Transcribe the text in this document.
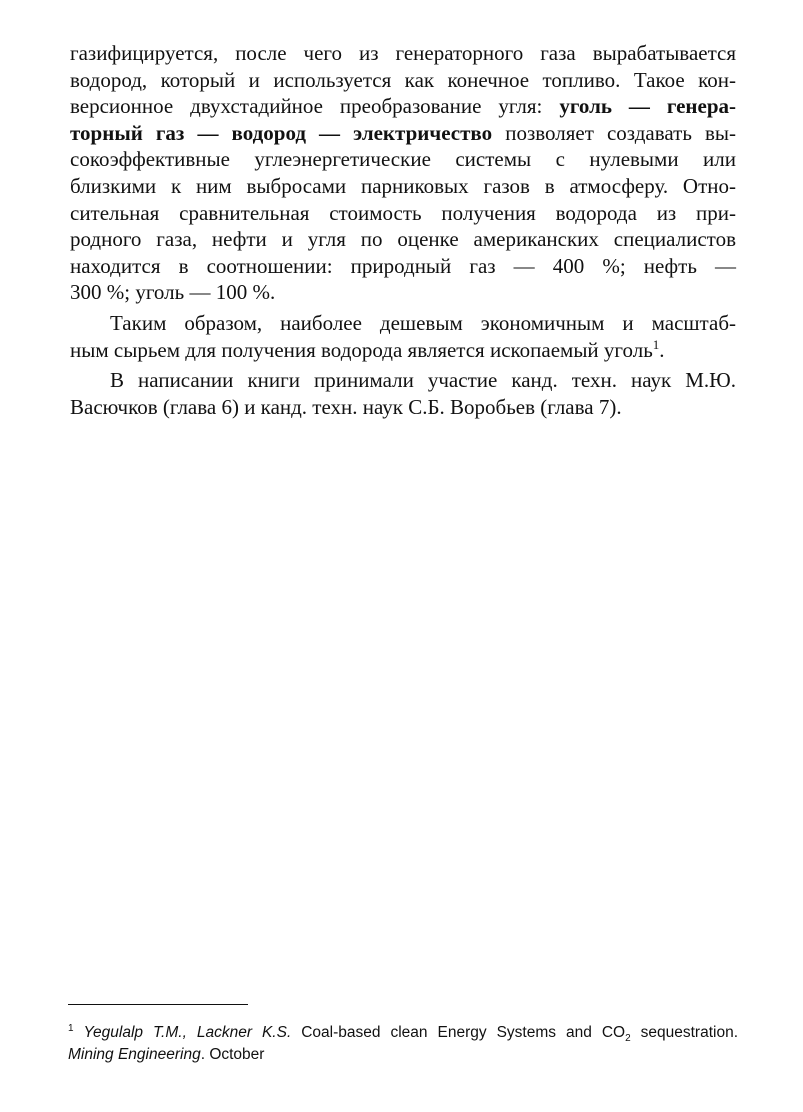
газифицируется, после чего из генераторного газа вырабатывается
водород, который и используется как конечное топливо. Такое кон-
версионное двухстадийное преобразование угля: уголь — генера-
торный газ — водород — электричество позволяет создавать вы-
сокоэффективные углеэнергетические системы с нулевыми или
близкими к ним выбросами парниковых газов в атмосферу. Отно-
сительная сравнительная стоимость получения водорода из при-
родного газа, нефти и угля по оценке американских специалистов
находится в соотношении: природный газ — 400 %; нефть —
300 %; уголь — 100 %.
Таким образом, наиболее дешевым экономичным и масштаб-
ным сырьем для получения водорода является ископаемый уголь$^1$.
В написании книги принимали участие канд. техн. наук М.Ю.
Васючков (глава 6) и канд. техн. наук С.Б. Воробьев (глава 7).
$^1$ Yegulalp T.M., Lackner K.S. Coal-based clean Energy Systems and $CO_2$ sequestration.
Mining Engineering. October
